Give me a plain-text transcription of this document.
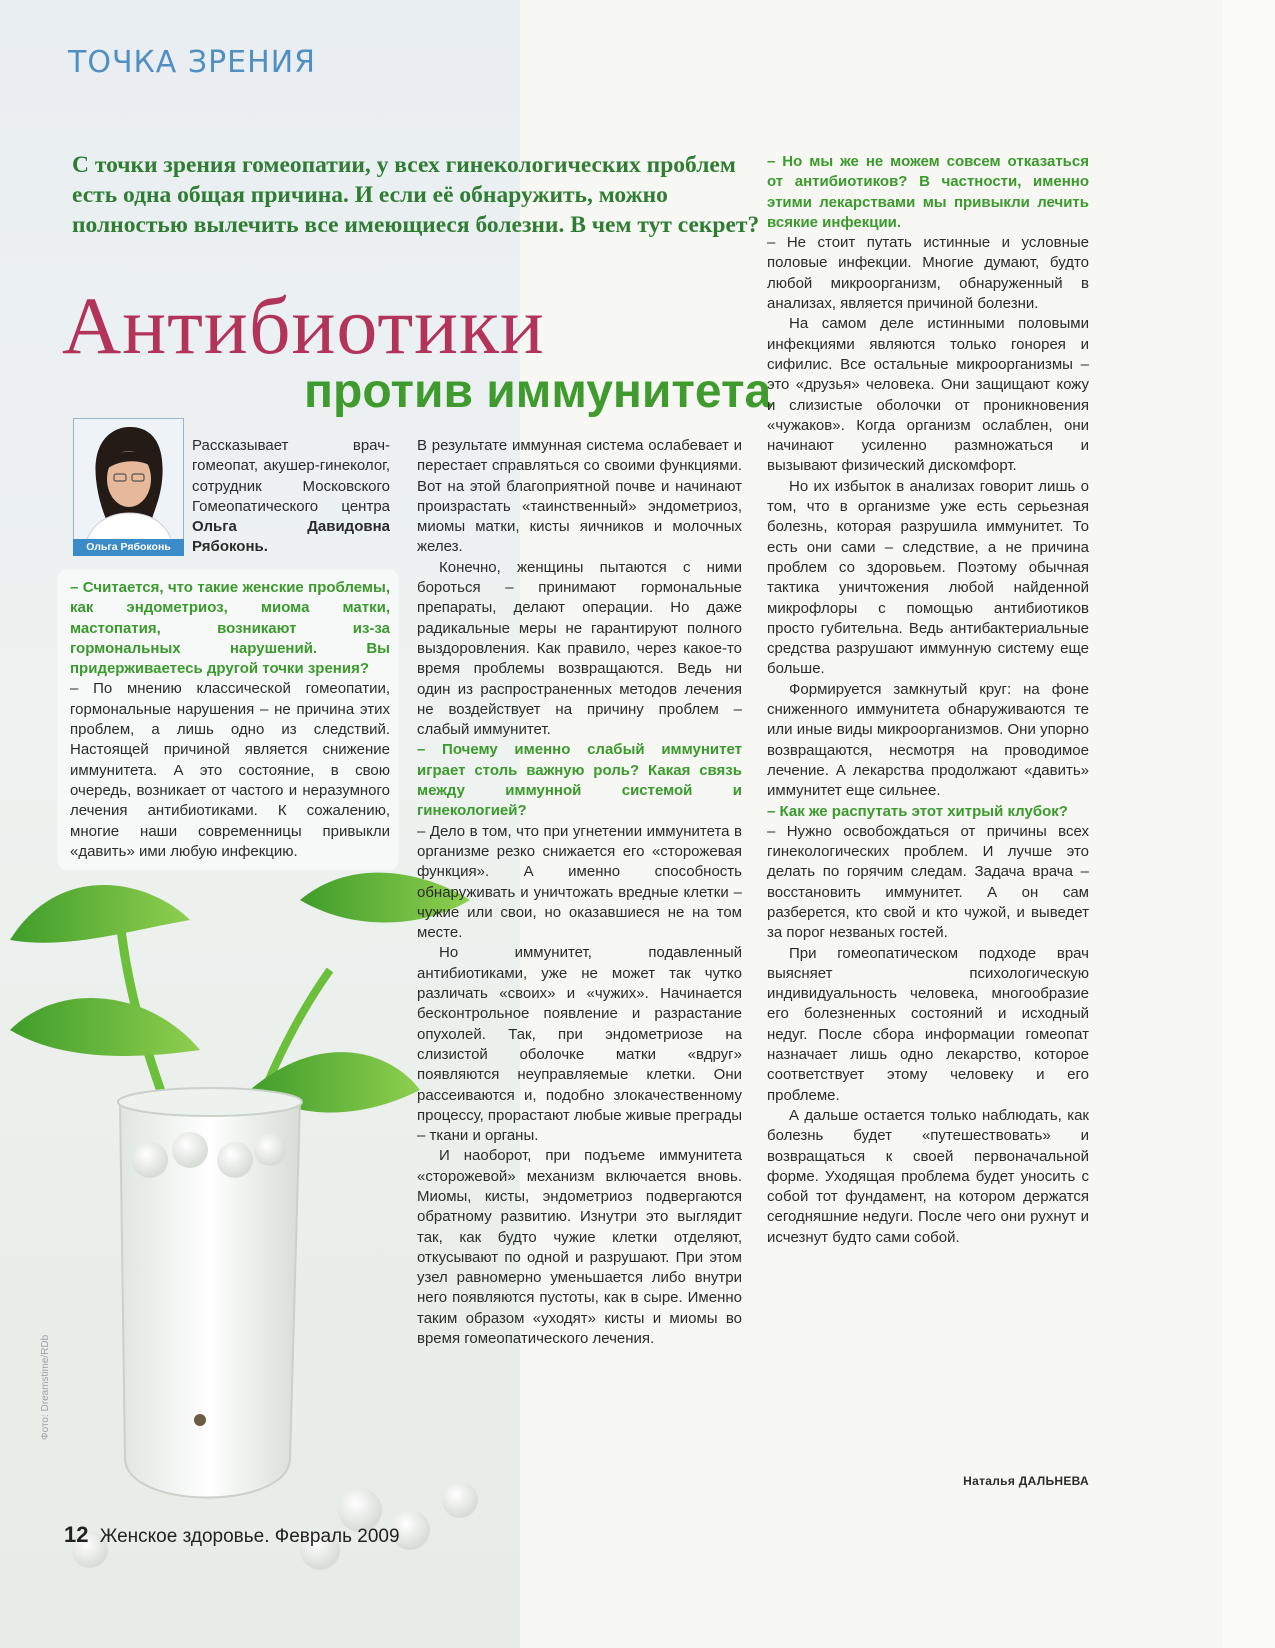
ТОЧКА ЗРЕНИЯ
С точки зрения гомеопатии, у всех гинекологических проблем есть одна общая причина. И если её обнаружить, можно полностью вылечить все имеющиеся болезни. В чем тут секрет?
Антибиотики
против иммунитета
Ольга Рябоконь
Рассказывает врач-гомеопат, акушер-гинеколог, сотрудник Московского Гомеопатического центра Ольга Давидовна Рябоконь.

– Считается, что такие женские проблемы, как эндометриоз, миома матки, мастопатия, возникают из-за гормональных нарушений. Вы придерживаетесь другой точки зрения?

– По мнению классической гомеопатии, гормональные нарушения – не причина этих проблем, а лишь одно из следствий. Настоящей причиной является снижение иммунитета. А это состояние, в свою очередь, возникает от частого и неразумного лечения антибиотиками. К сожалению, многие наши современницы привыкли «давить» ими любую инфекцию.

В результате иммунная система ослабевает и перестает справляться со своими функциями. Вот на этой благоприятной почве и начинают произрастать «таинственный» эндометриоз, миомы матки, кисты яичников и молочных желез.

Конечно, женщины пытаются с ними бороться – принимают гормональные препараты, делают операции. Но даже радикальные меры не гарантируют полного выздоровления. Как правило, через какое-то время проблемы возвращаются. Ведь ни один из распространенных методов лечения не воздействует на причину проблем – слабый иммунитет.

– Почему именно слабый иммунитет играет столь важную роль? Какая связь между иммунной системой и гинекологией?

– Дело в том, что при угнетении иммунитета в организме резко снижается его «сторожевая функция». А именно способность обнаруживать и уничтожать вредные клетки – чужие или свои, но оказавшиеся не на том месте.

Но иммунитет, подавленный антибиотиками, уже не может так чутко различать «своих» и «чужих». Начинается бесконтрольное появление и разрастание опухолей. Так, при эндометриозе на слизистой оболочке матки «вдруг» появляются неуправляемые клетки. Они рассеиваются и, подобно злокачественному процессу, прорастают любые живые преграды – ткани и органы.

И наоборот, при подъеме иммунитета «сторожевой» механизм включается вновь. Миомы, кисты, эндометриоз подвергаются обратному развитию. Изнутри это выглядит так, как будто чужие клетки отделяют, откусывают по одной и разрушают. При этом узел равномерно уменьшается либо внутри него появляются пустоты, как в сыре. Именно таким образом «уходят» кисты и миомы во время гомеопатического лечения.

– Но мы же не можем совсем отказаться от антибиотиков? В частности, именно этими лекарствами мы привыкли лечить всякие инфекции.

– Не стоит путать истинные и условные половые инфекции. Многие думают, будто любой микроорганизм, обнаруженный в анализах, является причиной болезни.

На самом деле истинными половыми инфекциями являются только гонорея и сифилис. Все остальные микроорганизмы – это «друзья» человека. Они защищают кожу и слизистые оболочки от проникновения «чужаков». Когда организм ослаблен, они начинают усиленно размножаться и вызывают физический дискомфорт.

Но их избыток в анализах говорит лишь о том, что в организме уже есть серьезная болезнь, которая разрушила иммунитет. То есть они сами – следствие, а не причина проблем со здоровьем. Поэтому обычная тактика уничтожения любой найденной микрофлоры с помощью антибиотиков просто губительна. Ведь антибактериальные средства разрушают иммунную систему еще больше.

Формируется замкнутый круг: на фоне сниженного иммунитета обнаруживаются те или иные виды микроорганизмов. Они упорно возвращаются, несмотря на проводимое лечение. А лекарства продолжают «давить» иммунитет еще сильнее.

– Как же распутать этот хитрый клубок?

– Нужно освобождаться от причины всех гинекологических проблем. И лучше это делать по горячим следам. Задача врача – восстановить иммунитет. А он сам разберется, кто свой и кто чужой, и выведет за порог незваных гостей.

При гомеопатическом подходе врач выясняет психологическую индивидуальность человека, многообразие его болезненных состояний и исходный недуг. После сбора информации гомеопат назначает лишь одно лекарство, которое соответствует этому человеку и его проблеме.

А дальше остается только наблюдать, как болезнь будет «путешествовать» и возвращаться к своей первоначальной форме. Уходящая проблема будет уносить с собой тот фундамент, на котором держатся сегодняшние недуги. После чего они рухнут и исчезнут будто сами собой.

Наталья ДАЛЬНЕВА
Фото: Dreamstime/RDb
12 Женское здоровье. Февраль 2009
